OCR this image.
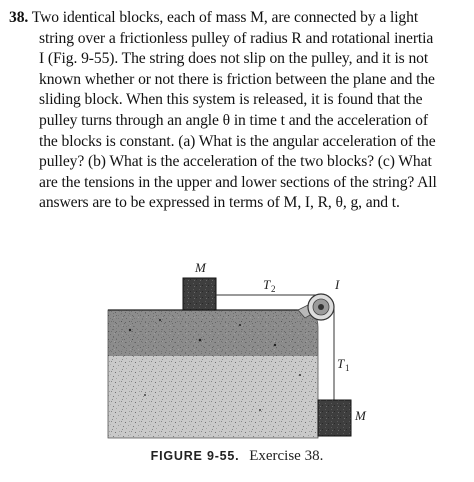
38. Two identical blocks, each of mass M, are connected by a light
string over a frictionless pulley of radius R and rotational inertia
I (Fig. 9-55). The string does not slip on the pulley, and it is not
known whether or not there is friction between the plane and the
sliding block. When this system is released, it is found that the
pulley turns through an angle θ in time t and the acceleration of
the blocks is constant. (a) What is the angular acceleration of the
pulley? (b) What is the acceleration of the two blocks? (c) What
are the tensions in the upper and lower sections of the string? All
answers are to be expressed in terms of M, I, R, θ, g, and t.
M
T 2	I
T 1
M
FIGURE 9-55. Exercise 38.
